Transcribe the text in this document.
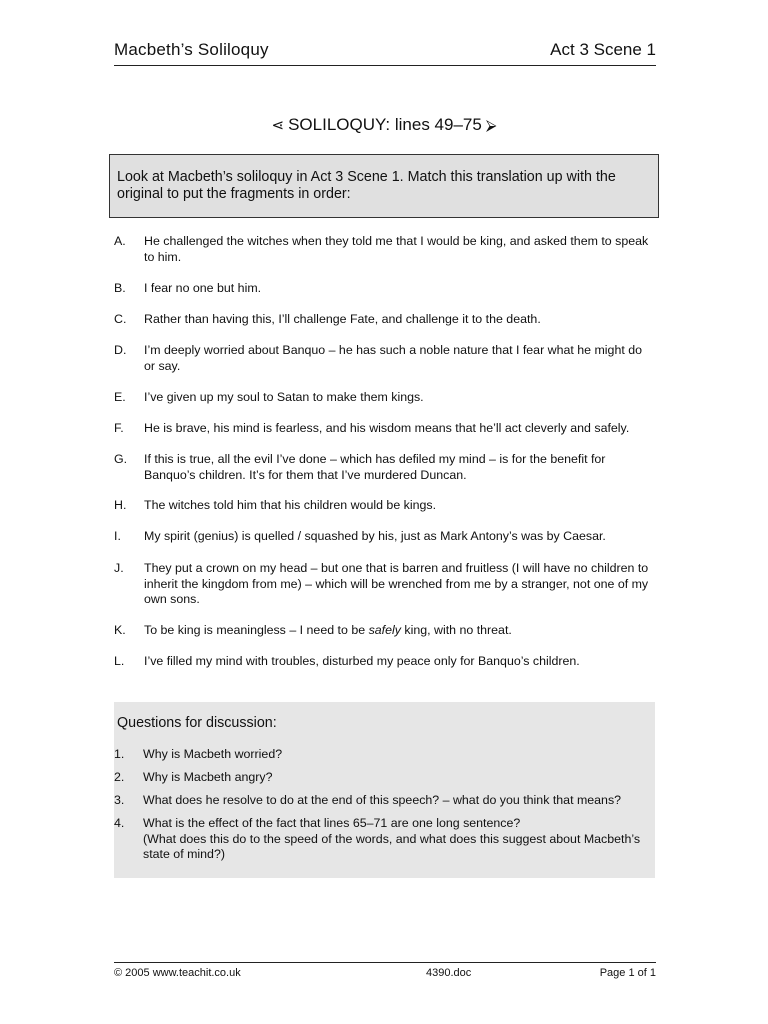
Macbeth’s Soliloquy	Act 3 Scene 1
⋖ SOLILOQUY: lines 49–75 ⮚
Look at Macbeth’s soliloquy in Act 3 Scene 1. Match this translation up with the original to put the fragments in order:
A. He challenged the witches when they told me that I would be king, and asked them to speak to him.
B. I fear no one but him.
C. Rather than having this, I’ll challenge Fate, and challenge it to the death.
D. I’m deeply worried about Banquo – he has such a noble nature that I fear what he might do or say.
E. I’ve given up my soul to Satan to make them kings.
F. He is brave, his mind is fearless, and his wisdom means that he’ll act cleverly and safely.
G. If this is true, all the evil I’ve done – which has defiled my mind – is for the benefit for Banquo’s children. It’s for them that I’ve murdered Duncan.
H. The witches told him that his children would be kings.
I. My spirit (genius) is quelled / squashed by his, just as Mark Antony’s was by Caesar.
J. They put a crown on my head – but one that is barren and fruitless (I will have no children to inherit the kingdom from me) – which will be wrenched from me by a stranger, not one of my own sons.
K. To be king is meaningless – I need to be safely king, with no threat.
L. I’ve filled my mind with troubles, disturbed my peace only for Banquo’s children.
Questions for discussion:
1. Why is Macbeth worried?
2. Why is Macbeth angry?
3. What does he resolve to do at the end of this speech? – what do you think that means?
4. What is the effect of the fact that lines 65–71 are one long sentence?
(What does this do to the speed of the words, and what does this suggest about Macbeth’s state of mind?)
© 2005 www.teachit.co.uk	4390.doc	Page 1 of 1
